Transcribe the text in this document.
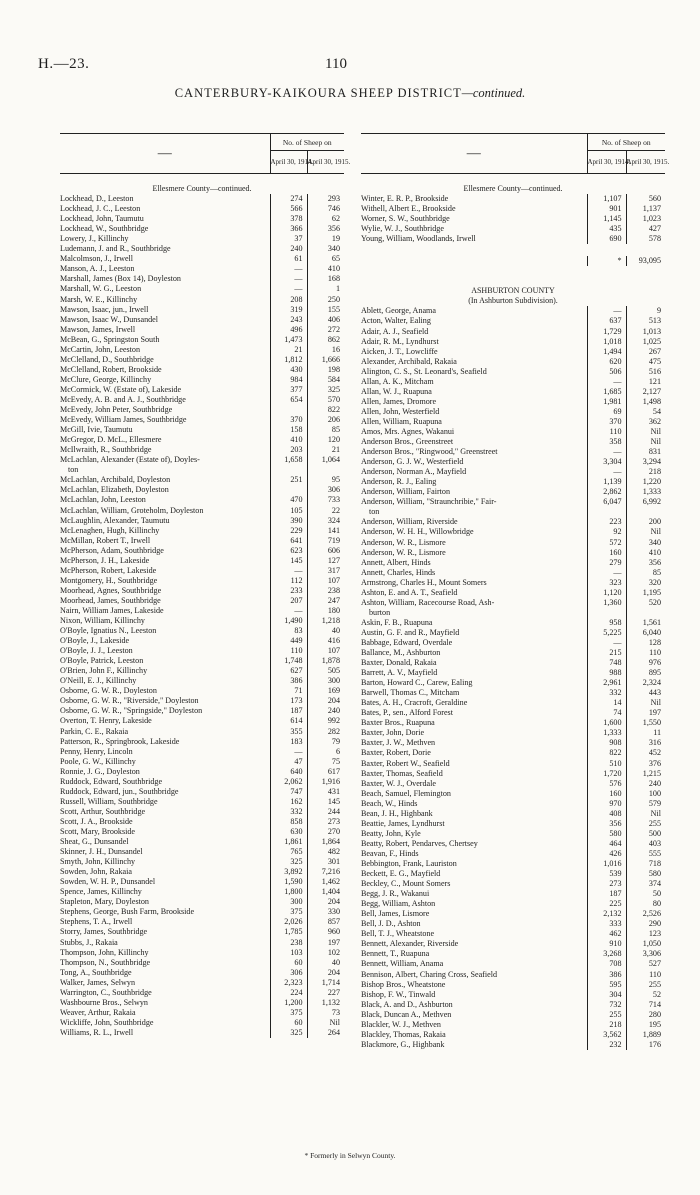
H.—23.	110
CANTERBURY-KAIKOURA SHEEP DISTRICT—continued.
—	No. of Sheep on	
	April 30, 1914.	April 30, 1915.
Ellesmere County—continued.		
Lockhead, D., Leeston	274	293
Lockhead, J. C., Leeston	566	746
Lockhead, John, Taumutu	378	62
Lockhead, W., Southbridge	366	356
Lowery, J., Killinchy	37	19
Ludemann, J. and R., Southbridge	240	340
Malcolmson, J., Irwell	61	65
Manson, A. J., Leeston	—	410
Marshall, James (Box 14), Doyleston	—	168
Marshall, W. G., Leeston	—	1
Marsh, W. E., Killinchy	208	250
Mawson, Isaac, jun., Irwell	319	155
Mawson, Isaac W., Dunsandel	243	406
Mawson, James, Irwell	496	272
McBean, G., Springston South	1,473	862
McCartin, John, Leeston	21	16
McClelland, D., Southbridge	1,812	1,666
McClelland, Robert, Brookside	430	198
McClure, George, Killinchy	984	584
McCormick, W. (Estate of), Lakeside	377	325
McEvedy, A. B. and A. J., Southbridge	654	570
McEvedy, John Peter, Southbridge		822
McEvedy, William James, Southbridge	370	206
McGill, Ivie, Taumutu	158	85
McGregor, D. McL., Ellesmere	410	120
McIlwraith, R., Southbridge	203	21
McLachlan, Alexander (Estate of), Doyles-	1,658	1,064
ton		
McLachlan, Archibald, Doyleston	251	95
McLachlan, Elizabeth, Doyleston		306
McLachlan, John, Leeston	470	733
McLachlan, William, Groteholm, Doyleston	105	22
McLaughlin, Alexander, Taumutu	390	324
McLenaghen, Hugh, Killinchy	229	141
McMillan, Robert T., Irwell	641	719
McPherson, Adam, Southbridge	623	606
McPherson, J. H., Lakeside	145	127
McPherson, Robert, Lakeside	—	317
Montgomery, H., Southbridge	112	107
Moorhead, Agnes, Southbridge	233	238
Moorhead, James, Southbridge	207	247
Nairn, William James, Lakeside	—	180
Nixon, William, Killinchy	1,490	1,218
O'Boyle, Ignatius N., Leeston	83	40
O'Boyle, J., Lakeside	449	416
O'Boyle, J. J., Leeston	110	107
O'Boyle, Patrick, Leeston	1,748	1,878
O'Brien, John F., Killinchy	627	505
O'Neill, E. J., Killinchy	386	300
Osborne, G. W. R., Doyleston	71	169
Osborne, G. W. R., "Riverside," Doyleston	173	204
Osborne, G. W. R., "Springside," Doyleston	187	240
Overton, T. Henry, Lakeside	614	992
Parkin, C. E., Rakaia	355	282
Patterson, R., Springbrook, Lakeside	183	79
Penny, Henry, Lincoln	—	6
Poole, G. W., Killinchy	47	75
Ronnie, J. G., Doyleston	640	617
Ruddock, Edward, Southbridge	2,062	1,916
Ruddock, Edward, jun., Southbridge	747	431
Russell, William, Southbridge	162	145
Scott, Arthur, Southbridge	332	244
Scott, J. A., Brookside	858	273
Scott, Mary, Brookside	630	270
Sheat, G., Dunsandel	1,861	1,864
Skinner, J. H., Dunsandel	765	482
Smyth, John, Killinchy	325	301
Sowden, John, Rakaia	3,892	7,216
Sowden, W. H. P., Dunsandel	1,590	1,462
Spence, James, Killinchy	1,800	1,404
Stapleton, Mary, Doyleston	300	204
Stephens, George, Bush Farm, Brookside	375	330
Stephens, T. A., Irwell	2,026	857
Storry, James, Southbridge	1,785	960
Stubbs, J., Rakaia	238	197
Thompson, John, Killinchy	103	102
Thompson, N., Southbridge	60	40
Tong, A., Southbridge	306	204
Walker, James, Selwyn	2,323	1,714
Warrington, C., Southbridge	224	227
Washbourne Bros., Selwyn	1,200	1,132
Weaver, Arthur, Rakaia	375	73
Wickliffe, John, Southbridge	60	Nil
Williams, R. L., Irwell	325	264
—	No. of Sheep on	
	April 30, 1914.	April 30, 1915.
Ellesmere County—continued.		
Winter, E. R. P., Brookside	1,107	560
Withell, Albert E., Brookside	901	1,137
Worner, S. W., Southbridge	1,145	1,023
Wylie, W. J., Southbridge	435	427
Young, William, Woodlands, Irwell	690	578

	*	93,095

ASHBURTON COUNTY		
(In Ashburton Subdivision).		
Ablett, George, Anama	—	9
Acton, Walter, Ealing	637	513
Adair, A. J., Seafield	1,729	1,013
Adair, R. M., Lyndhurst	1,018	1,025
Aicken, J. T., Lowcliffe	1,494	267
Alexander, Archibald, Rakaia	620	475
Alington, C. S., St. Leonard's, Seafield	506	516
Allan, A. K., Mitcham	—	121
Allan, W. J., Ruapuna	1,685	2,127
Allen, James, Dromore	1,981	1,498
Allen, John, Westerfield	69	54
Allen, William, Ruapuna	370	362
Amos, Mrs. Agnes, Wakanui	110	Nil
Anderson Bros., Greenstreet	358	Nil
Anderson Bros., "Ringwood," Greenstreet	—	831
Anderson, G. J. W., Westerfield	3,304	3,294
Anderson, Norman A., Mayfield	—	218
Anderson, R. J., Ealing	1,139	1,220
Anderson, William, Fairton	2,862	1,333
Anderson, William, "Straunchribie," Fair-	6,047	6,992
ton		
Anderson, William, Riverside	223	200
Anderson, W. H. H., Willowbridge	92	Nil
Anderson, W. R., Lismore	572	340
Anderson, W. R., Lismore	160	410
Annett, Albert, Hinds	279	356
Annett, Charles, Hinds	—	85
Armstrong, Charles H., Mount Somers	323	320
Ashton, E. and A. T., Seafield	1,120	1,195
Ashton, William, Racecourse Road, Ash-	1,360	520
burton		
Askin, F. B., Ruapuna	958	1,561
Austin, G. F. and R., Mayfield	5,225	6,040
Babbage, Edward, Overdale	—	128
Ballance, M., Ashburton	215	110
Baxter, Donald, Rakaia	748	976
Barrett, A. V., Mayfield	988	895
Barton, Howard C., Carew, Ealing	2,961	2,324
Barwell, Thomas C., Mitcham	332	443
Bates, A. H., Cracroft, Geraldine	14	Nil
Bates, P., sen., Alford Forest	74	197
Baxter Bros., Ruapuna	1,600	1,550
Baxter, John, Dorie	1,333	11
Baxter, J. W., Methven	908	316
Baxter, Robert, Dorie	822	452
Baxter, Robert W., Seafield	510	376
Baxter, Thomas, Seafield	1,720	1,215
Baxter, W. J., Overdale	576	240
Beach, Samuel, Flemington	160	100
Beach, W., Hinds	970	579
Bean, J. H., Highbank	408	Nil
Beattie, James, Lyndhurst	356	255
Beatty, John, Kyle	580	500
Beatty, Robert, Pendarves, Chertsey	464	403
Beavan, F., Hinds	426	555
Bebbington, Frank, Lauriston	1,016	718
Beckett, E. G., Mayfield	539	580
Beckley, C., Mount Somers	273	374
Begg, J. R., Wakanui	187	50
Begg, William, Ashton	225	80
Bell, James, Lismore	2,132	2,526
Bell, J. D., Ashton	333	290
Bell, T. J., Wheatstone	462	123
Bennett, Alexander, Riverside	910	1,050
Bennett, T., Ruapuna	3,268	3,306
Bennett, William, Anama	708	527
Bennison, Albert, Charing Cross, Seafield	386	110
Bishop Bros., Wheatstone	595	255
Bishop, F. W., Tinwald	304	52
Black, A. and D., Ashburton	732	714
Black, Duncan A., Methven	255	280
Blackler, W. J., Methven	218	195
Blackley, Thomas, Rakaia	3,562	1,889
Blackmore, G., Highbank	232	176
* Formerly in Selwyn County.
